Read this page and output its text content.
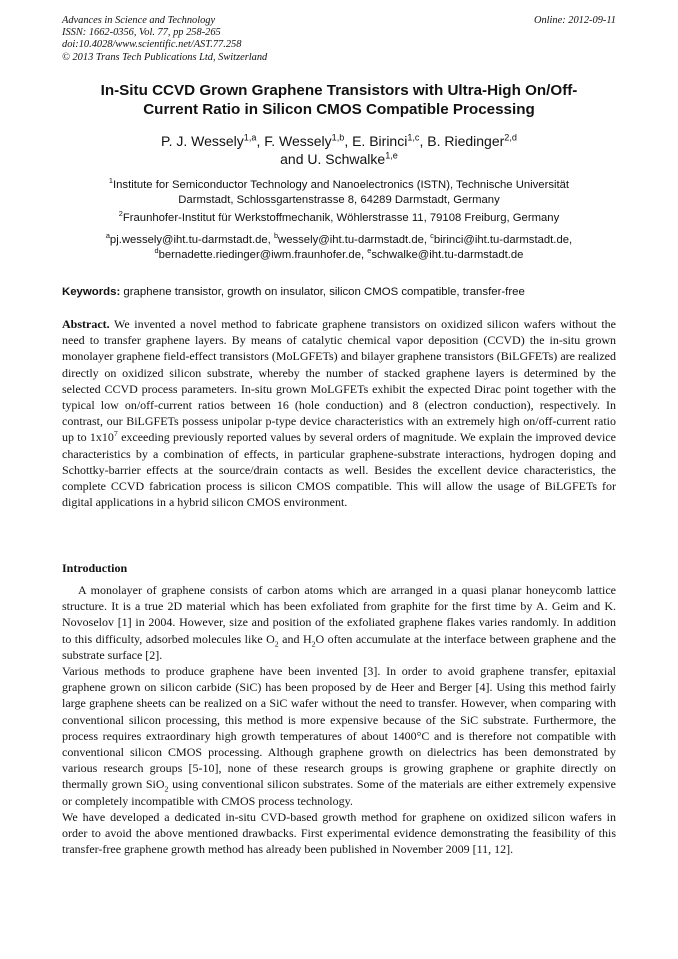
Advances in Science and Technology
ISSN: 1662-0356, Vol. 77, pp 258-265
doi:10.4028/www.scientific.net/AST.77.258
© 2013 Trans Tech Publications Ltd, Switzerland
Online: 2012-09-11
In-Situ CCVD Grown Graphene Transistors with Ultra-High On/Off-
Current Ratio in Silicon CMOS Compatible Processing
P. J. Wessely$^{1,a}$, F. Wessely$^{1,b}$, E. Birinci$^{1,c}$, B. Riedinger$^{2,d}$
and U. Schwalke$^{1,e}$
$^1$Institute for Semiconductor Technology and Nanoelectronics (ISTN), Technische Universität
Darmstadt, Schlossgartenstrasse 8, 64289 Darmstadt, Germany
$^2$Fraunhofer-Institut für Werkstoffmechanik, Wöhlerstrasse 11, 79108 Freiburg, Germany
$^a$pj.wessely@iht.tu-darmstadt.de, $^b$wessely@iht.tu-darmstadt.de, $^c$birinci@iht.tu-darmstadt.de,
$^d$bernadette.riedinger@iwm.fraunhofer.de, $^e$schwalke@iht.tu-darmstadt.de
Keywords: graphene transistor, growth on insulator, silicon CMOS compatible, transfer-free
Abstract. We invented a novel method to fabricate graphene transistors on oxidized silicon wafers without the need to transfer graphene layers. By means of catalytic chemical vapor deposition (CCVD) the in-situ grown monolayer graphene field-effect transistors (MoLGFETs) and bilayer graphene transistors (BiLGFETs) are realized directly on oxidized silicon substrate, whereby the number of stacked graphene layers is determined by the selected CCVD process parameters. In-situ grown MoLGFETs exhibit the expected Dirac point together with the typical low on/off-current ratios between 16 (hole conduction) and 8 (electron conduction), respectively. In contrast, our BiLGFETs possess unipolar p-type device characteristics with an extremely high on/off-current ratio up to $1x10^7$ exceeding previously reported values by several orders of magnitude. We explain the improved device characteristics by a combination of effects, in particular graphene-substrate interactions, hydrogen doping and Schottky-barrier effects at the source/drain contacts as well. Besides the excellent device characteristics, the complete CCVD fabrication process is silicon CMOS compatible. This will allow the usage of BiLGFETs for digital applications in a hybrid silicon CMOS environment.
Introduction

A monolayer of graphene consists of carbon atoms which are arranged in a quasi planar honeycomb lattice structure. It is a true 2D material which has been exfoliated from graphite for the first time by A. Geim and K. Novoselov [1] in 2004. However, size and position of the exfoliated graphene flakes varies randomly. In addition to this difficulty, adsorbed molecules like $O_2$ and $H_2O$ often accumulate at the interface between graphene and the substrate surface [2].

Various methods to produce graphene have been invented [3]. In order to avoid graphene transfer, epitaxial graphene grown on silicon carbide (SiC) has been proposed by de Heer and Berger [4]. Using this method fairly large graphene sheets can be realized on a SiC wafer without the need to transfer. However, when comparing with conventional silicon processing, this method is more expensive because of the SiC substrate. Furthermore, the process requires extraordinary high growth temperatures of about 1400°C and is therefore not compatible with conventional silicon CMOS processing. Although graphene growth on dielectrics has been demonstrated by various research groups [5-10], none of these research groups is growing graphene or graphite directly on thermally grown SiO$_2$ using conventional silicon substrates. Some of the materials are either extremely expensive or completely incompatible with CMOS process technology.

We have developed a dedicated in-situ CVD-based growth method for graphene on oxidized silicon wafers in order to avoid the above mentioned drawbacks. First experimental evidence demonstrating the feasibility of this transfer-free graphene growth method has already been published in November 2009 [11, 12].
